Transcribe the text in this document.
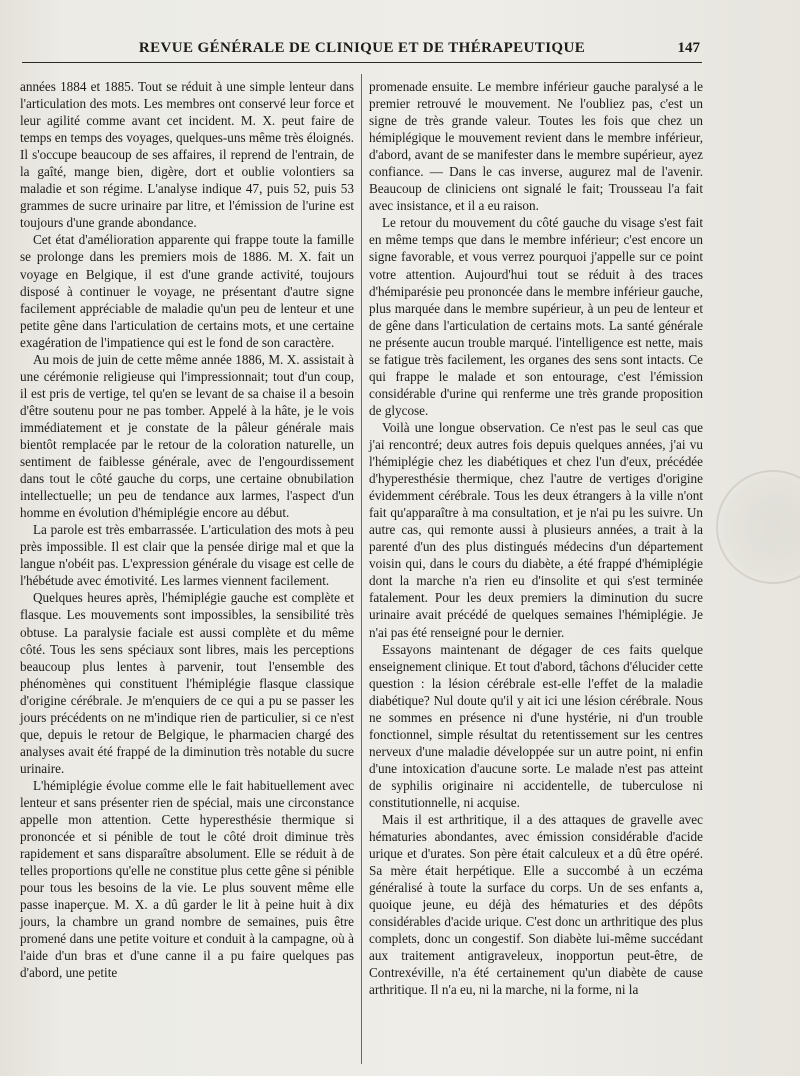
REVUE GÉNÉRALE DE CLINIQUE ET DE THÉRAPEUTIQUE	147

années 1884 et 1885. Tout se réduit à une simple lenteur dans l'articulation des mots. Les membres ont conservé leur force et leur agilité comme avant cet incident. M. X. peut faire de temps en temps des voyages, quelques-uns même très éloignés. Il s'occupe beaucoup de ses affaires, il reprend de l'entrain, de la gaîté, mange bien, digère, dort et oublie volontiers sa maladie et son régime. L'analyse indique 47, puis 52, puis 53 grammes de sucre urinaire par litre, et l'émission de l'urine est toujours d'une grande abondance.

Cet état d'amélioration apparente qui frappe toute la famille se prolonge dans les premiers mois de 1886. M. X. fait un voyage en Belgique, il est d'une grande activité, toujours disposé à continuer le voyage, ne présentant d'autre signe facilement appréciable de maladie qu'un peu de lenteur et une petite gêne dans l'articulation de certains mots, et une certaine exagération de l'impatience qui est le fond de son caractère.

Au mois de juin de cette même année 1886, M. X. assistait à une cérémonie religieuse qui l'impressionnait; tout d'un coup, il est pris de vertige, tel qu'en se levant de sa chaise il a besoin d'être soutenu pour ne pas tomber. Appelé à la hâte, je le vois immédiatement et je constate de la pâleur générale mais bientôt remplacée par le retour de la coloration naturelle, un sentiment de faiblesse générale, avec de l'engourdissement dans tout le côté gauche du corps, une certaine obnubilation intellectuelle; un peu de tendance aux larmes, l'aspect d'un homme en évolution d'hémiplégie encore au début.

La parole est très embarrassée. L'articulation des mots à peu près impossible. Il est clair que la pensée dirige mal et que la langue n'obéit pas. L'expression générale du visage est celle de l'hébétude avec émotivité. Les larmes viennent facilement.

Quelques heures après, l'hémiplégie gauche est complète et flasque. Les mouvements sont impossibles, la sensibilité très obtuse. La paralysie faciale est aussi complète et du même côté. Tous les sens spéciaux sont libres, mais les perceptions beaucoup plus lentes à parvenir, tout l'ensemble des phénomènes qui constituent l'hémiplégie flasque classique d'origine cérébrale. Je m'enquiers de ce qui a pu se passer les jours précédents on ne m'indique rien de particulier, si ce n'est que, depuis le retour de Belgique, le pharmacien chargé des analyses avait été frappé de la diminution très notable du sucre urinaire.

L'hémiplégie évolue comme elle le fait habituellement avec lenteur et sans présenter rien de spécial, mais une circonstance appelle mon attention. Cette hyperesthésie thermique si prononcée et si pénible de tout le côté droit diminue très rapidement et sans disparaître absolument. Elle se réduit à de telles proportions qu'elle ne constitue plus cette gêne si pénible pour tous les besoins de la vie. Le plus souvent même elle passe inaperçue. M. X. a dû garder le lit à peine huit à dix jours, la chambre un grand nombre de semaines, puis être promené dans une petite voiture et conduit à la campagne, où à l'aide d'un bras et d'une canne il a pu faire quelques pas d'abord, une petite

promenade ensuite. Le membre inférieur gauche paralysé a le premier retrouvé le mouvement. Ne l'oubliez pas, c'est un signe de très grande valeur. Toutes les fois que chez un hémiplégique le mouvement revient dans le membre inférieur, d'abord, avant de se manifester dans le membre supérieur, ayez confiance. — Dans le cas inverse, augurez mal de l'avenir. Beaucoup de cliniciens ont signalé le fait; Trousseau l'a fait avec insistance, et il a eu raison.

Le retour du mouvement du côté gauche du visage s'est fait en même temps que dans le membre inférieur; c'est encore un signe favorable, et vous verrez pourquoi j'appelle sur ce point votre attention. Aujourd'hui tout se réduit à des traces d'hémiparésie peu prononcée dans le membre inférieur gauche, plus marquée dans le membre supérieur, à un peu de lenteur et de gêne dans l'articulation de certains mots. La santé générale ne présente aucun trouble marqué. l'intelligence est nette, mais se fatigue très facilement, les organes des sens sont intacts. Ce qui frappe le malade et son entourage, c'est l'émission considérable d'urine qui renferme une très grande proposition de glycose.

Voilà une longue observation. Ce n'est pas le seul cas que j'ai rencontré; deux autres fois depuis quelques années, j'ai vu l'hémiplégie chez les diabétiques et chez l'un d'eux, précédée d'hyperesthésie thermique, chez l'autre de vertiges d'origine évidemment cérébrale. Tous les deux étrangers à la ville n'ont fait qu'apparaître à ma consultation, et je n'ai pu les suivre. Un autre cas, qui remonte aussi à plusieurs années, a trait à la parenté d'un des plus distingués médecins d'un département voisin qui, dans le cours du diabète, a été frappé d'hémiplégie dont la marche n'a rien eu d'insolite et qui s'est terminée fatalement. Pour les deux premiers la diminution du sucre urinaire avait précédé de quelques semaines l'hémiplégie. Je n'ai pas été renseigné pour le dernier.

Essayons maintenant de dégager de ces faits quelque enseignement clinique. Et tout d'abord, tâchons d'élucider cette question : la lésion cérébrale est-elle l'effet de la maladie diabétique? Nul doute qu'il y ait ici une lésion cérébrale. Nous ne sommes en présence ni d'une hystérie, ni d'un trouble fonctionnel, simple résultat du retentissement sur les centres nerveux d'une maladie développée sur un autre point, ni enfin d'une intoxication d'aucune sorte. Le malade n'est pas atteint de syphilis originaire ni accidentelle, de tuberculose ni constitutionnelle, ni acquise.

Mais il est arthritique, il a des attaques de gravelle avec hématuries abondantes, avec émission considérable d'acide urique et d'urates. Son père était calculeux et a dû être opéré. Sa mère était herpétique. Elle a succombé à un eczéma généralisé à toute la surface du corps. Un de ses enfants a, quoique jeune, eu déjà des hématuries et des dépôts considérables d'acide urique. C'est donc un arthritique des plus complets, donc un congestif. Son diabète lui-même succédant aux traitement antigraveleux, inopportun peut-être, de Contrexéville, n'a été certainement qu'un diabète de cause arthritique. Il n'a eu, ni la marche, ni la forme, ni la
